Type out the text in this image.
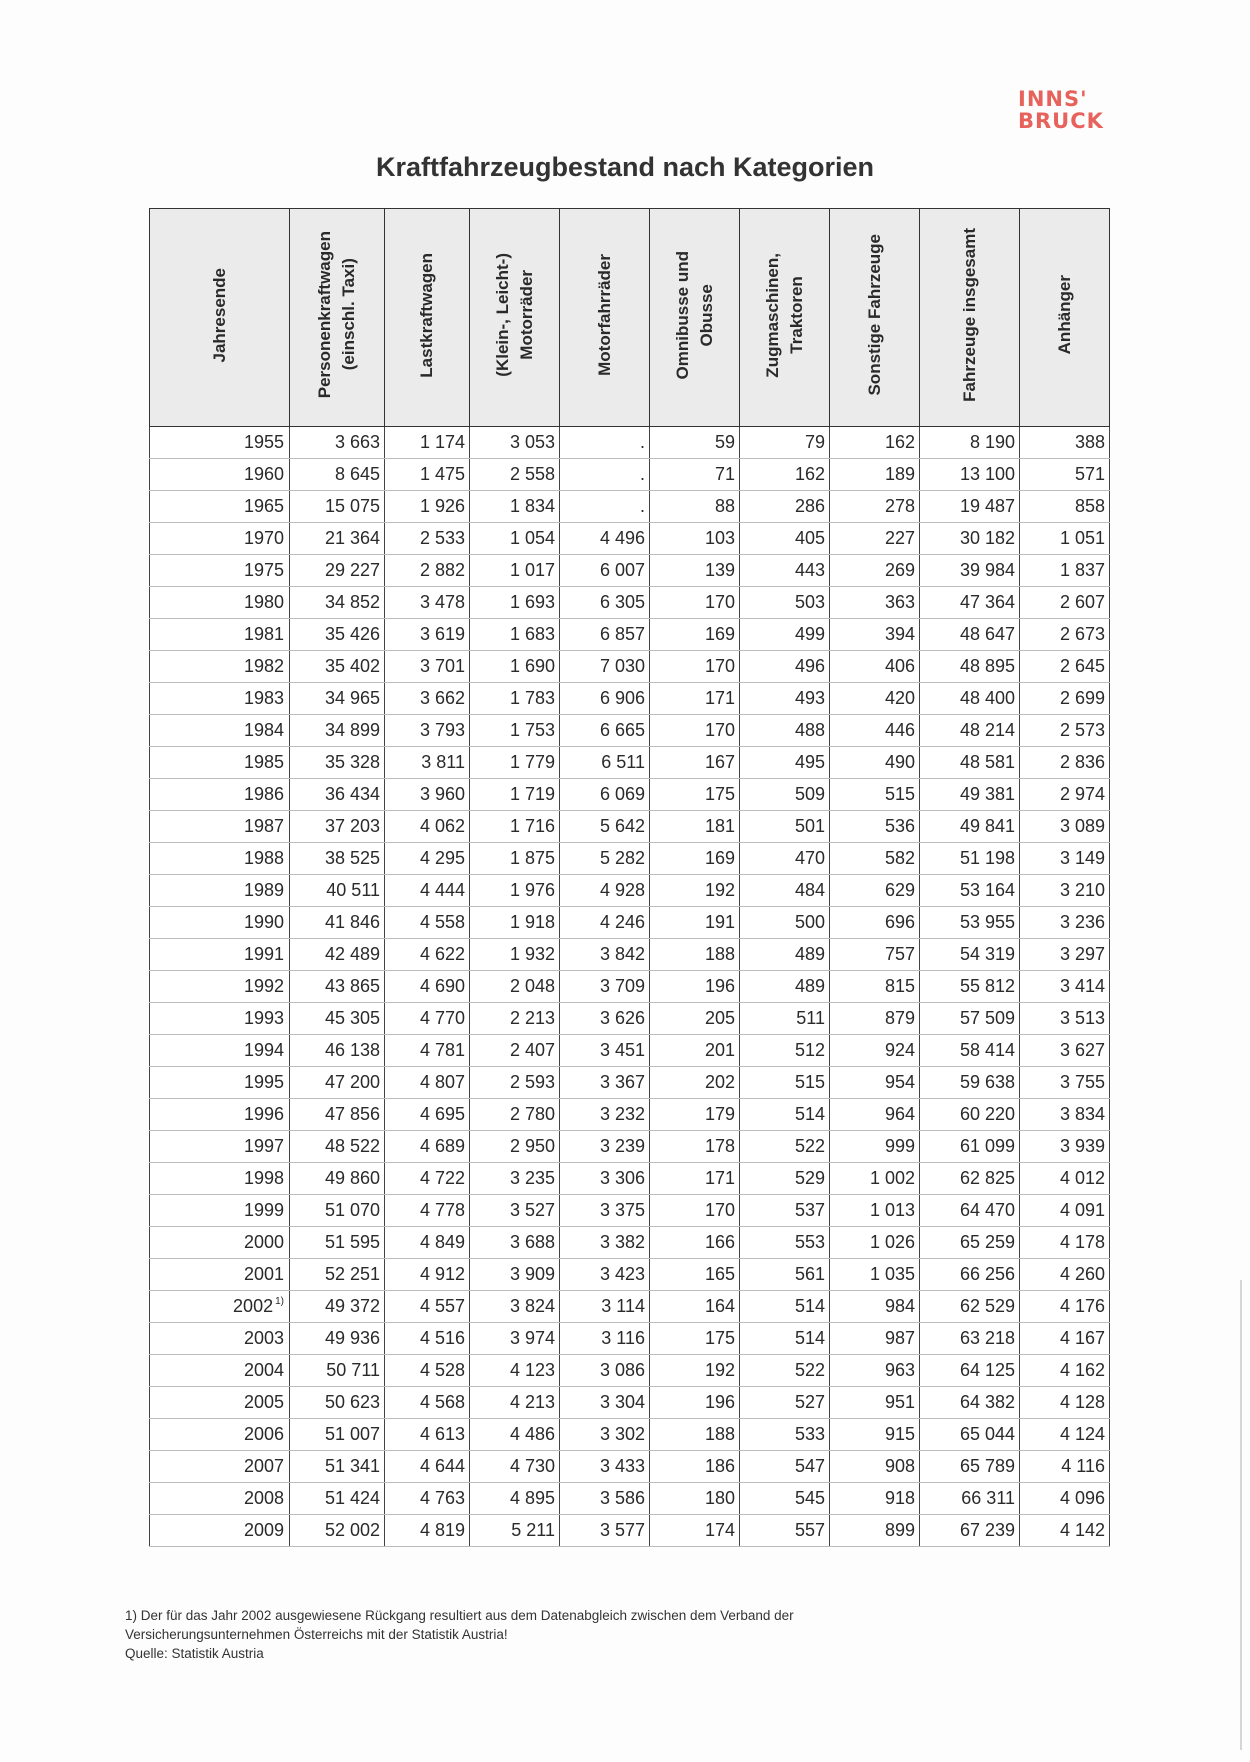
INNS'
BRUCK
Kraftfahrzeugbestand nach Kategorien
Jahresende	Personenkraftwagen
(einschl. Taxi)	Lastkraftwagen	(Klein-, Leicht-)
Motorräder	Motorfahrräder	Omnibusse und
Obusse	Zugmaschinen,
Traktoren	Sonstige Fahrzeuge	Fahrzeuge insgesamt	Anhänger
1955	3 663	1 174	3 053	.	59	79	162	8 190	388
1960	8 645	1 475	2 558	.	71	162	189	13 100	571
1965	15 075	1 926	1 834	.	88	286	278	19 487	858
1970	21 364	2 533	1 054	4 496	103	405	227	30 182	1 051
1975	29 227	2 882	1 017	6 007	139	443	269	39 984	1 837
1980	34 852	3 478	1 693	6 305	170	503	363	47 364	2 607
1981	35 426	3 619	1 683	6 857	169	499	394	48 647	2 673
1982	35 402	3 701	1 690	7 030	170	496	406	48 895	2 645
1983	34 965	3 662	1 783	6 906	171	493	420	48 400	2 699
1984	34 899	3 793	1 753	6 665	170	488	446	48 214	2 573
1985	35 328	3 811	1 779	6 511	167	495	490	48 581	2 836
1986	36 434	3 960	1 719	6 069	175	509	515	49 381	2 974
1987	37 203	4 062	1 716	5 642	181	501	536	49 841	3 089
1988	38 525	4 295	1 875	5 282	169	470	582	51 198	3 149
1989	40 511	4 444	1 976	4 928	192	484	629	53 164	3 210
1990	41 846	4 558	1 918	4 246	191	500	696	53 955	3 236
1991	42 489	4 622	1 932	3 842	188	489	757	54 319	3 297
1992	43 865	4 690	2 048	3 709	196	489	815	55 812	3 414
1993	45 305	4 770	2 213	3 626	205	511	879	57 509	3 513
1994	46 138	4 781	2 407	3 451	201	512	924	58 414	3 627
1995	47 200	4 807	2 593	3 367	202	515	954	59 638	3 755
1996	47 856	4 695	2 780	3 232	179	514	964	60 220	3 834
1997	48 522	4 689	2 950	3 239	178	522	999	61 099	3 939
1998	49 860	4 722	3 235	3 306	171	529	1 002	62 825	4 012
1999	51 070	4 778	3 527	3 375	170	537	1 013	64 470	4 091
2000	51 595	4 849	3 688	3 382	166	553	1 026	65 259	4 178
2001	52 251	4 912	3 909	3 423	165	561	1 035	66 256	4 260
2002 $^{1)}$	49 372	4 557	3 824	3 114	164	514	984	62 529	4 176
2003	49 936	4 516	3 974	3 116	175	514	987	63 218	4 167
2004	50 711	4 528	4 123	3 086	192	522	963	64 125	4 162
2005	50 623	4 568	4 213	3 304	196	527	951	64 382	4 128
2006	51 007	4 613	4 486	3 302	188	533	915	65 044	4 124
2007	51 341	4 644	4 730	3 433	186	547	908	65 789	4 116
2008	51 424	4 763	4 895	3 586	180	545	918	66 311	4 096
2009	52 002	4 819	5 211	3 577	174	557	899	67 239	4 142
1) Der für das Jahr 2002 ausgewiesene Rückgang resultiert aus dem Datenabgleich zwischen dem Verband der
Versicherungsunternehmen Österreichs mit der Statistik Austria!
Quelle: Statistik Austria
